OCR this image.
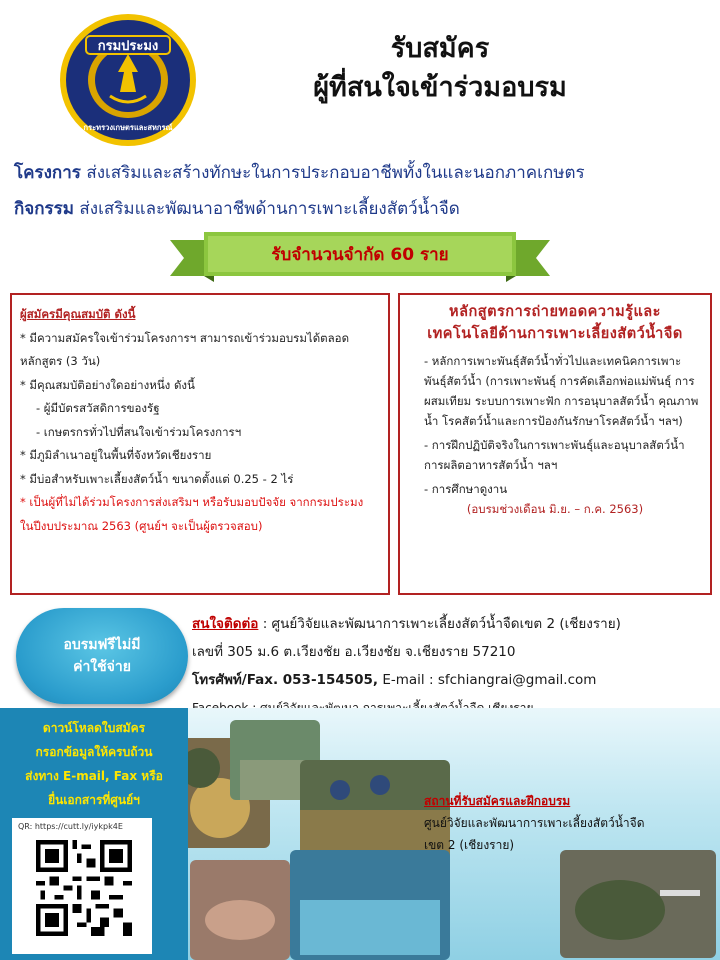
กรมประมง
กระทรวงเกษตรและสหกรณ์
รับสมัคร
ผู้ที่สนใจเข้าร่วมอบรม
โครงการ ส่งเสริมและสร้างทักษะในการประกอบอาชีพทั้งในและนอกภาคเกษตร
กิจกรรม ส่งเสริมและพัฒนาอาชีพด้านการเพาะเลี้ยงสัตว์น้ำจืด
รับจำนวนจำกัด 60 ราย
ผู้สมัครมีคุณสมบัติ ดังนี้
* มีความสมัครใจเข้าร่วมโครงการฯ สามารถเข้าร่วมอบรมได้ตลอดหลักสูตร (3 วัน)
* มีคุณสมบัติอย่างใดอย่างหนึ่ง ดังนี้
- ผู้มีบัตรสวัสดิการของรัฐ
- เกษตรกรทั่วไปที่สนใจเข้าร่วมโครงการฯ
* มีภูมิลำเนาอยู่ในพื้นที่จังหวัดเชียงราย
* มีบ่อสำหรับเพาะเลี้ยงสัตว์น้ำ ขนาดตั้งแต่ 0.25 - 2 ไร่
* เป็นผู้ที่ไม่ได้ร่วมโครงการส่งเสริมฯ หรือรับมอบปัจจัย จากกรมประมง ในปีงบประมาณ 2563 (ศูนย์ฯ จะเป็นผู้ตรวจสอบ)
หลักสูตรการถ่ายทอดความรู้และ
เทคโนโลยีด้านการเพาะเลี้ยงสัตว์น้ำจืด

- หลักการเพาะพันธุ์สัตว์น้ำทั่วไปและเทคนิคการเพาะพันธุ์สัตว์น้ำ (การเพาะพันธุ์ การคัดเลือกพ่อแม่พันธุ์ การผสมเทียม ระบบการเพาะฟัก การอนุบาลสัตว์น้ำ คุณภาพน้ำ โรคสัตว์น้ำและการป้องกันรักษาโรคสัตว์น้ำ ฯลฯ)

- การฝึกปฏิบัติจริงในการเพาะพันธุ์และอนุบาลสัตว์น้ำ การผลิตอาหารสัตว์น้ำ ฯลฯ

- การศึกษาดูงาน

(อบรมช่วงเดือน มิ.ย. – ก.ค. 2563)

อบรมฟรีไม่มี
ค่าใช้จ่าย
สนใจติดต่อ : ศูนย์วิจัยและพัฒนาการเพาะเลี้ยงสัตว์น้ำจืดเขต 2 (เชียงราย)
เลขที่ 305 ม.6 ต.เวียงชัย อ.เวียงชัย จ.เชียงราย 57210
โทรศัพท์/Fax. 053-154505, E-mail : sfchiangrai@gmail.com
สถานที่รับสมัครและฝึกอบรม
ศูนย์วิจัยและพัฒนาการเพาะเลี้ยงสัตว์น้ำจืด
เขต 2 (เชียงราย)
ดาวน์โหลดใบสมัคร
กรอกข้อมูลให้ครบถ้วน
ส่งทาง E-mail, Fax หรือ
ยื่นเอกสารที่ศูนย์ฯ
QR: https://cutt.ly/iykpk4E
